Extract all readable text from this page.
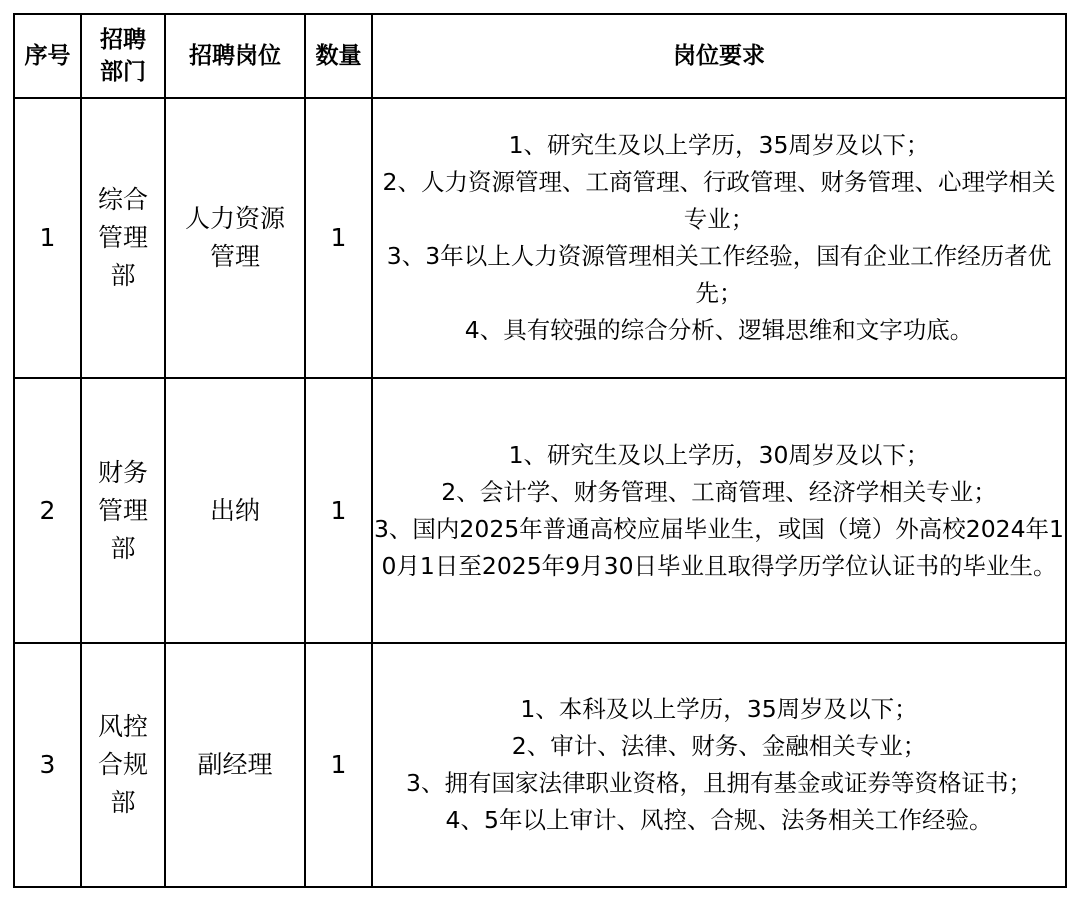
序号	招聘部门	招聘岗位	数量	岗位要求
1	综合管理部	人力资源管理	1	1、研究生及以上学历，35周岁及以下；
2、人力资源管理、工商管理、行政管理、财务管理、心理学相关专业；
3、3年以上人力资源管理相关工作经验，国有企业工作经历者优先；
4、具有较强的综合分析、逻辑思维和文字功底。

2	财务管理部	出纳	1	1、研究生及以上学历，30周岁及以下；
2、会计学、财务管理、工商管理、经济学相关专业；
3、国内2025年普通高校应届毕业生，或国（境）外高校2024年10月1日至2025年9月30日毕业且取得学历学位认证书的毕业生。

3	风控合规部	副经理	1	1、本科及以上学历，35周岁及以下；
2、审计、法律、财务、金融相关专业；
3、拥有国家法律职业资格，且拥有基金或证券等资格证书；
4、5年以上审计、风控、合规、法务相关工作经验。
